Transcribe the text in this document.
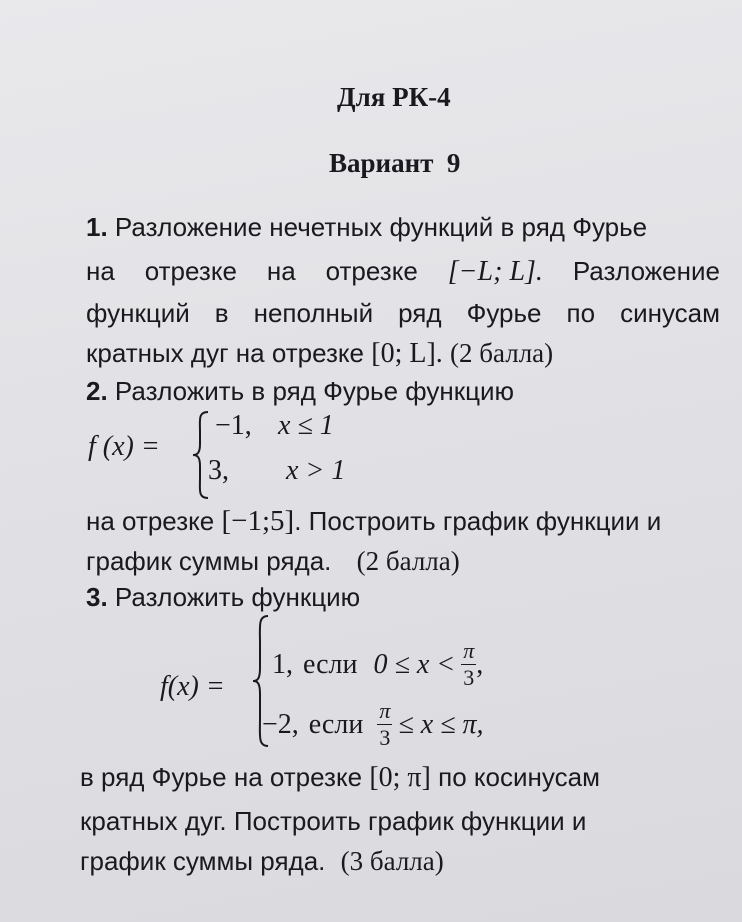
Для РК-4
Вариант  9
1. Разложение нечетных функций в ряд Фурье
на отрезке на отрезке [−L; L]. Разложение
функций в неполный ряд Фурье по синусам
кратных дуг на отрезке [0; L]. (2 балла)
2. Разложить в ряд Фурье функцию
f (x) =
−1, x ≤ 1
3, x > 1
на отрезке [−1;5]. Построить график функции и
график суммы ряда. (2 балла)
3. Разложить функцию
f(x) =
1, если $0 \le x < \frac{\pi}{3}$ ,
−2, если $\frac{\pi}{3} \le x \le \pi$,
в ряд Фурье на отрезке [0; π] по косинусам
кратных дуг. Построить график функции и
график суммы ряда. (3 балла)
